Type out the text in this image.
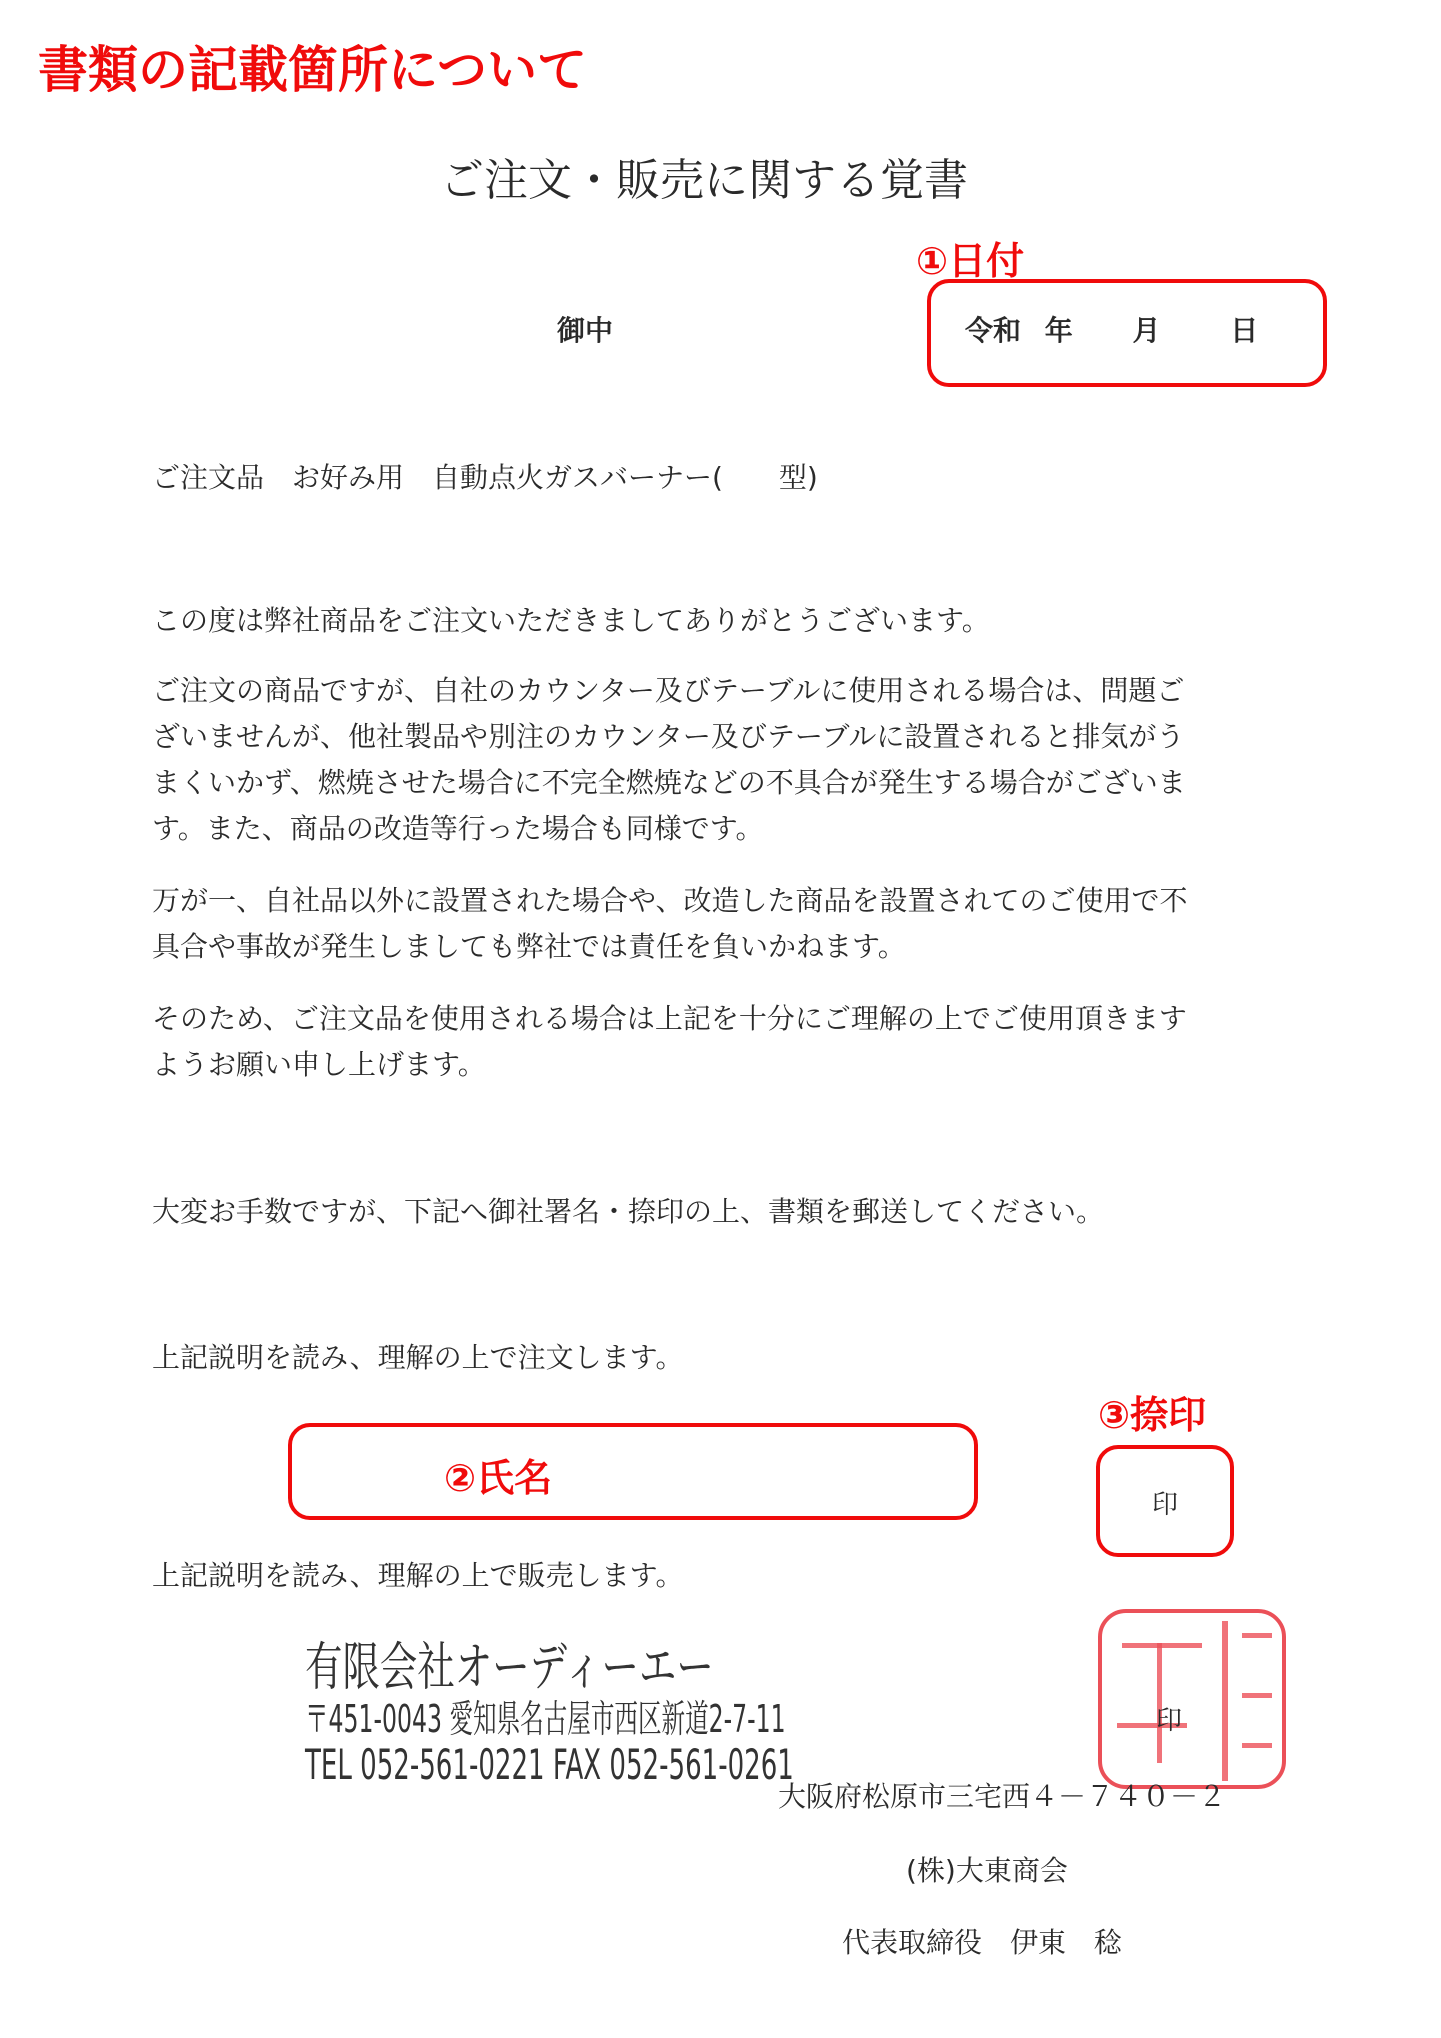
書類の記載箇所について
ご注文・販売に関する覚書
①日付
御中	令和 年 月 日
ご注文品　お好み用　自動点火ガスバーナー(　　型)
この度は弊社商品をご注文いただきましてありがとうございます。
ご注文の商品ですが、自社のカウンター及びテーブルに使用される場合は、問題ご
ざいませんが、他社製品や別注のカウンター及びテーブルに設置されると排気がう
まくいかず、燃焼させた場合に不完全燃焼などの不具合が発生する場合がございま
す。また、商品の改造等行った場合も同様です。
万が一、自社品以外に設置された場合や、改造した商品を設置されてのご使用で不
具合や事故が発生しましても弊社では責任を負いかねます。
そのため、ご注文品を使用される場合は上記を十分にご理解の上でご使用頂きます
ようお願い申し上げます。
大変お手数ですが、下記へ御社署名・捺印の上、書類を郵送してください。
上記説明を読み、理解の上で注文します。
③捺印
②氏名
印
上記説明を読み、理解の上で販売します。
有限会社オーディーエー
〒451-0043 愛知県名古屋市西区新道2-7-11
TEL 052-561-0221 FAX 052-561-0261
印
大阪府松原市三宅西４－７４０－２
(株)大東商会
代表取締役　伊東　稔
